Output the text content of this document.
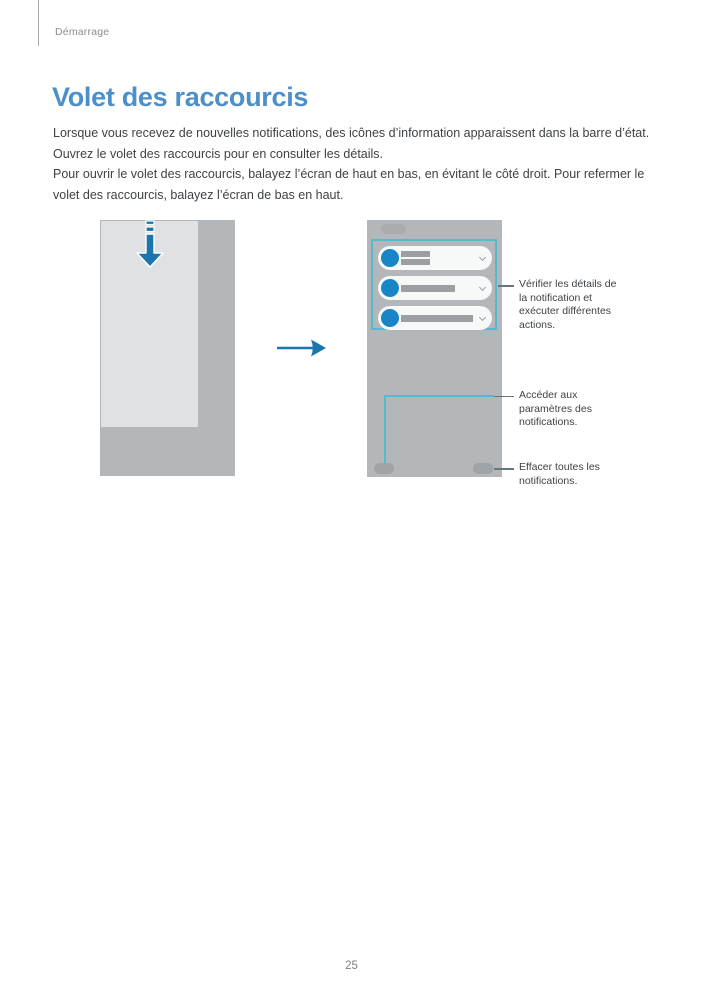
Démarrage
Volet des raccourcis
Lorsque vous recevez de nouvelles notifications, des icônes d’information apparaissent dans la barre d’état.
Ouvrez le volet des raccourcis pour en consulter les détails.
Pour ouvrir le volet des raccourcis, balayez l’écran de haut en bas, en évitant le côté droit. Pour refermer le
volet des raccourcis, balayez l’écran de bas en haut.
Vérifier les détails de
la notification et
exécuter différentes
actions.
Accéder aux
paramètres des
notifications.
Effacer toutes les
notifications.
25
